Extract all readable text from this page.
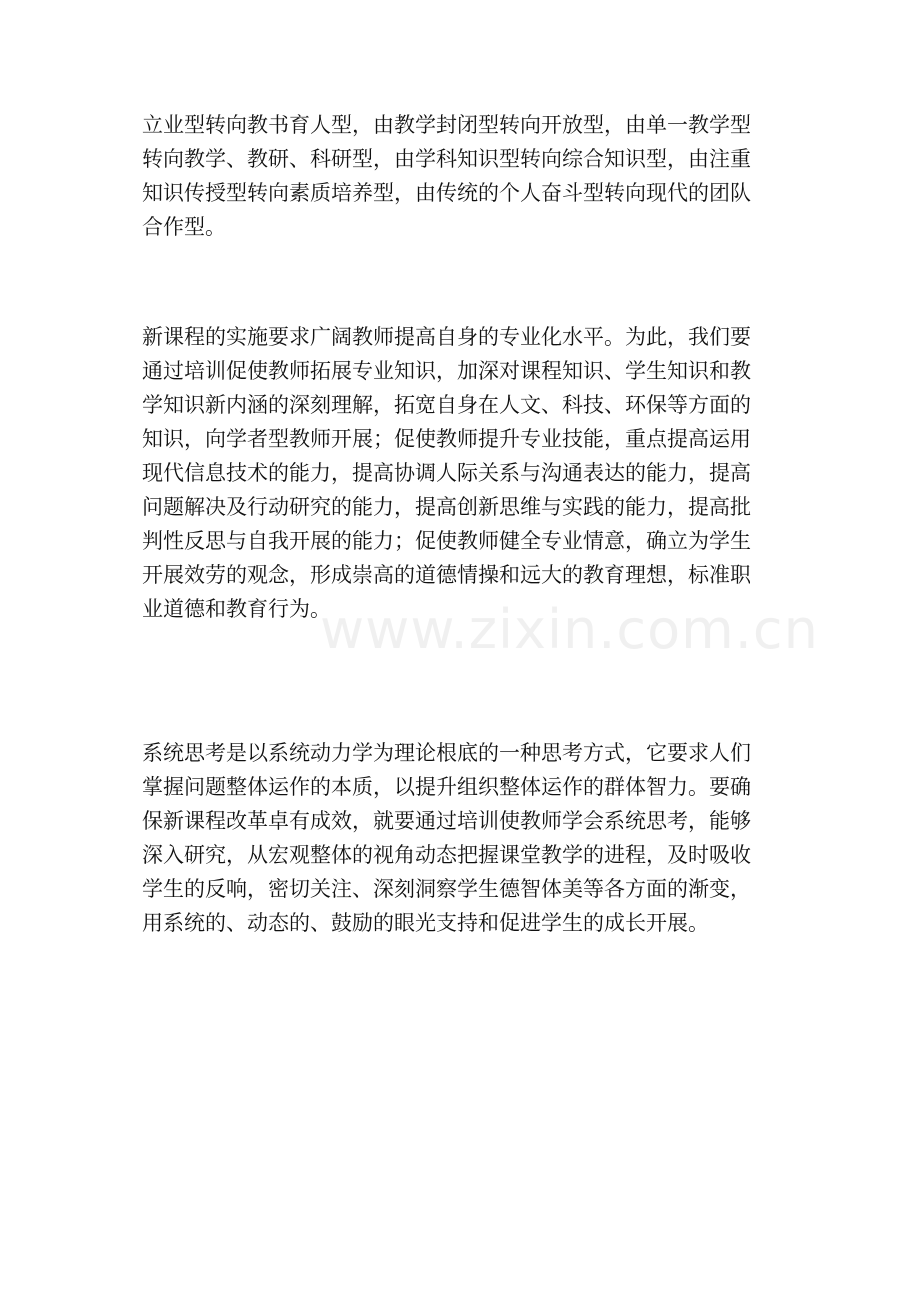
www.zixin.com.cn

立业型转向教书育人型，由教学封闭型转向开放型，由单一教学型
转向教学、教研、科研型，由学科知识型转向综合知识型，由注重
知识传授型转向素质培养型，由传统的个人奋斗型转向现代的团队
合作型。

新课程的实施要求广阔教师提高自身的专业化水平。为此，我们要
通过培训促使教师拓展专业知识，加深对课程知识、学生知识和教
学知识新内涵的深刻理解，拓宽自身在人文、科技、环保等方面的
知识，向学者型教师开展；促使教师提升专业技能，重点提高运用
现代信息技术的能力，提高协调人际关系与沟通表达的能力，提高
问题解决及行动研究的能力，提高创新思维与实践的能力，提高批
判性反思与自我开展的能力；促使教师健全专业情意，确立为学生
开展效劳的观念，形成崇高的道德情操和远大的教育理想，标准职
业道德和教育行为。

系统思考是以系统动力学为理论根底的一种思考方式，它要求人们
掌握问题整体运作的本质，以提升组织整体运作的群体智力。要确
保新课程改革卓有成效，就要通过培训使教师学会系统思考，能够
深入研究，从宏观整体的视角动态把握课堂教学的进程，及时吸收
学生的反响，密切关注、深刻洞察学生德智体美等各方面的渐变，
用系统的、动态的、鼓励的眼光支持和促进学生的成长开展。
